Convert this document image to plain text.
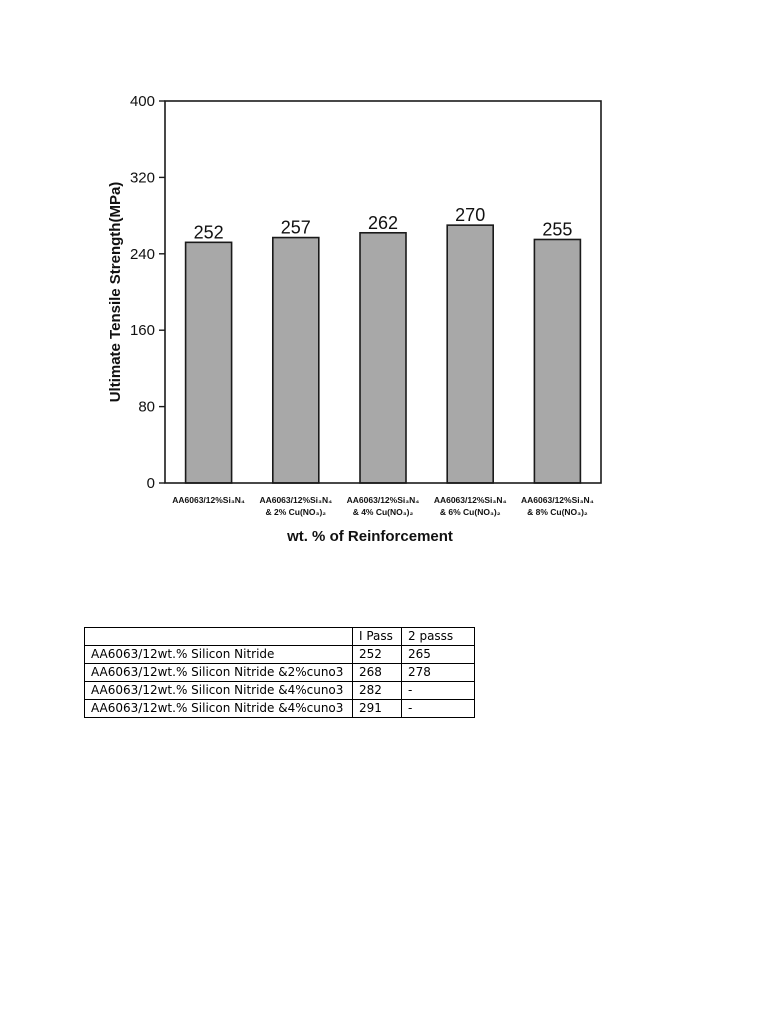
252	257	262	270
255
0
80
160
240
320
400
AA6063/12%Si₃N₄ AA6063/12%Si₃N₄
& 2% Cu(NO₃)₂
AA6063/12%Si₃N₄
& 4% Cu(NO₃)₂
AA6063/12%Si₃N₄
& 6% Cu(NO₃)₂
AA6063/12%Si₃N₄
& 8% Cu(NO₃)₂
wt. % of Reinforcement
Ultimate Tensile Strength(MPa)
	I Pass	2 passs
AA6063/12wt.% Silicon Nitride	252	265
AA6063/12wt.% Silicon Nitride &2%cuno3	268	278
AA6063/12wt.% Silicon Nitride &4%cuno3	282	-
AA6063/12wt.% Silicon Nitride &4%cuno3	291	-
